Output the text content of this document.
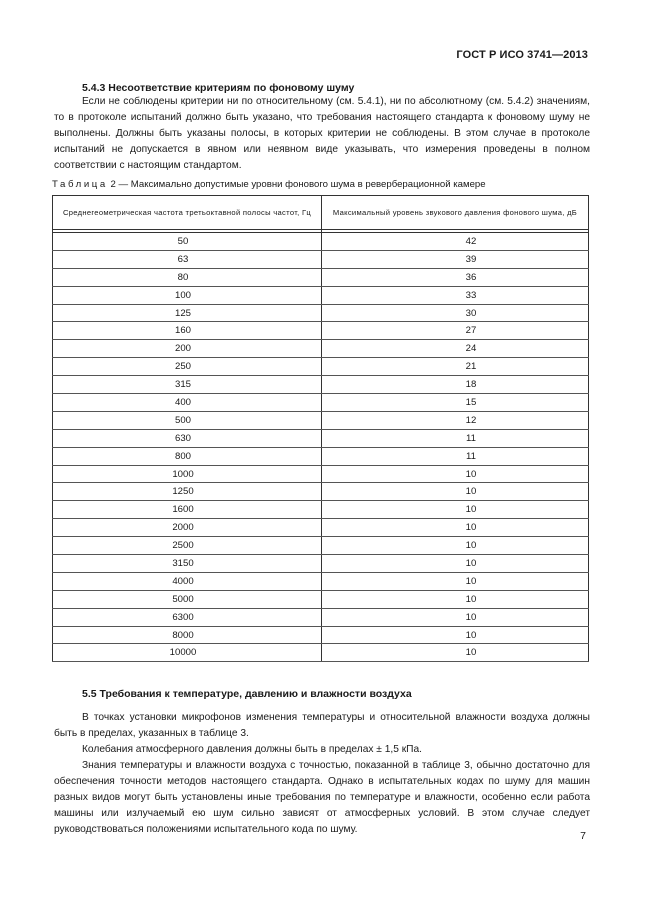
ГОСТ Р ИСО 3741—2013
5.4.3 Несоответствие критериям по фоновому шуму

Если не соблюдены критерии ни по относительному (см. 5.4.1), ни по абсолютному (см. 5.4.2) значениям, то в протоколе испытаний должно быть указано, что требования настоящего стандарта к фоновому шуму не выполнены. Должны быть указаны полосы, в которых критерии не соблюдены. В этом случае в протоколе испытаний не допускается в явном или неявном виде указывать, что измерения проведены в полном соответствии с настоящим стандартом.

Таблица 2 — Максимально допустимые уровни фонового шума в реверберационной камере
Среднегеометрическая частота третьоктавной полосы частот, Гц	Максимальный уровень звукового давления фонового шума, дБ

50	42
63	39
80	36
100	33
125	30
160	27
200	24
250	21
315	18
400	15
500	12
630	11
800	11
1000	10
1250	10
1600	10
2000	10
2500	10
3150	10
4000	10
5000	10
6300	10
8000	10
10000	10
5.5 Требования к температуре, давлению и влажности воздуха

В точках установки микрофонов изменения температуры и относительной влажности воздуха должны быть в пределах, указанных в таблице 3.

Колебания атмосферного давления должны быть в пределах ± 1,5 кПа.

Знания температуры и влажности воздуха с точностью, показанной в таблице 3, обычно достаточно для обеспечения точности методов настоящего стандарта. Однако в испытательных кодах по шуму для машин разных видов могут быть установлены иные требования по температуре и влажности, особенно если работа машины или излучаемый ею шум сильно зависят от атмосферных условий. В этом случае следует руководствоваться положениями испытательного кода по шуму.

7
